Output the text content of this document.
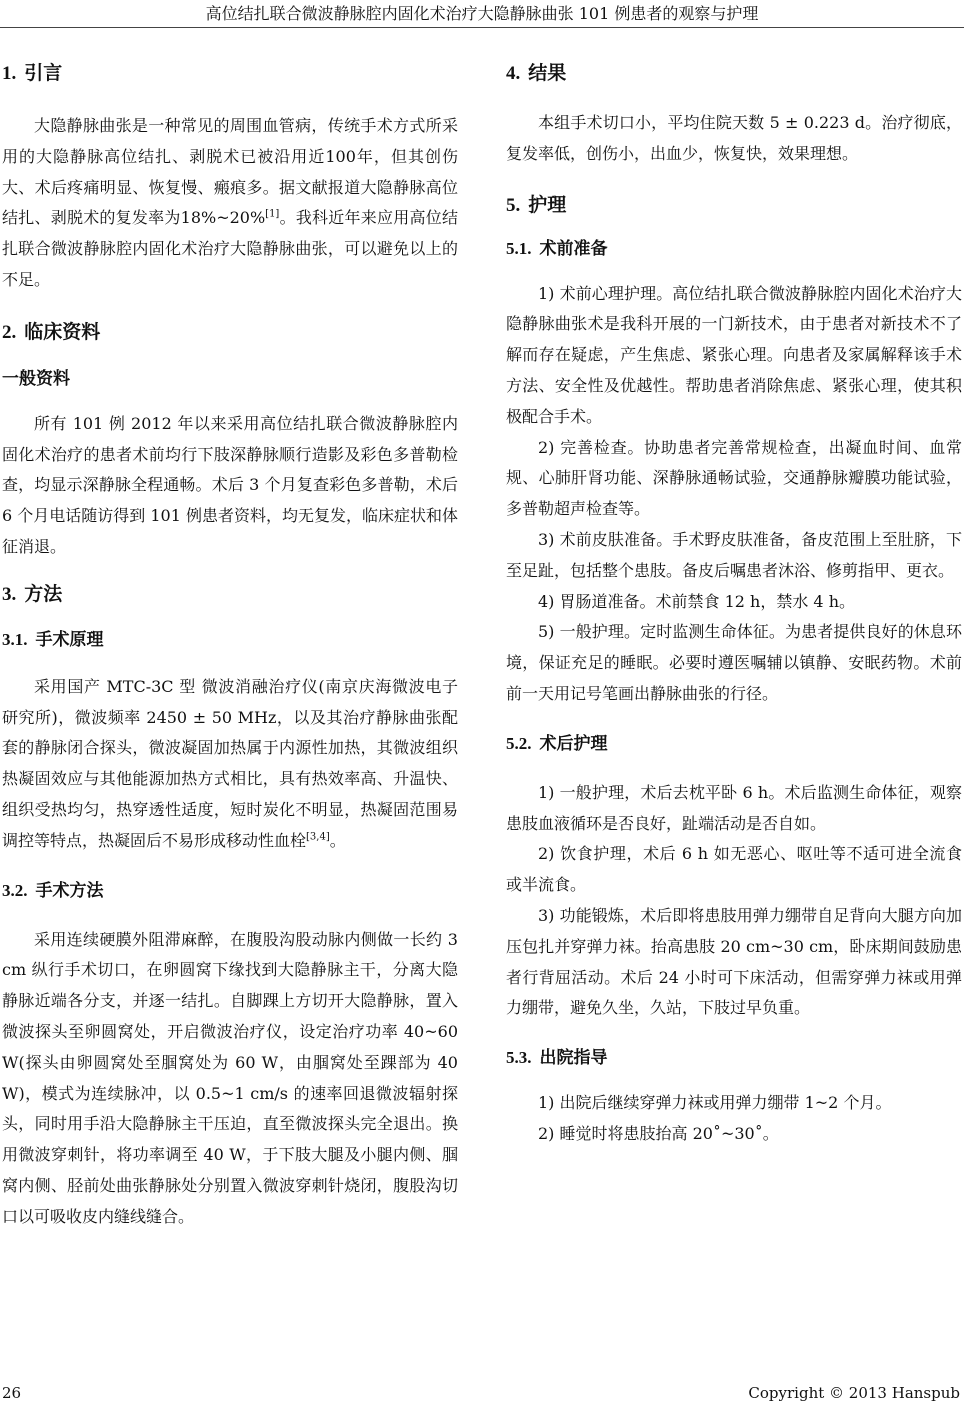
高位结扎联合微波静脉腔内固化术治疗大隐静脉曲张 101 例患者的观察与护理
1. 引言

大隐静脉曲张是一种常见的周围血管病，传统手术方式所采用的大隐静脉高位结扎、剥脱术已被沿用近100年，但其创伤大、术后疼痛明显、恢复慢、瘢痕多。据文献报道大隐静脉高位结扎、剥脱术的复发率为18%~20%[1]。我科近年来应用高位结扎联合微波静脉腔内固化术治疗大隐静脉曲张，可以避免以上的不足。

2. 临床资料
一般资料

所有 101 例 2012 年以来采用高位结扎联合微波静脉腔内固化术治疗的患者术前均行下肢深静脉顺行造影及彩色多普勒检查，均显示深静脉全程通畅。术后 3 个月复查彩色多普勒，术后 6 个月电话随访得到 101 例患者资料，均无复发，临床症状和体征消退。

3. 方法
3.1. 手术原理

采用国产 MTC-3C 型 微波消融治疗仪(南京庆海微波电子研究所)，微波频率 2450 ± 50 MHz，以及其治疗静脉曲张配套的静脉闭合探头，微波凝固加热属于内源性加热，其微波组织热凝固效应与其他能源加热方式相比，具有热效率高、升温快、组织受热均匀，热穿透性适度，短时炭化不明显，热凝固范围易调控等特点，热凝固后不易形成移动性血栓[3,4]。

3.2. 手术方法

采用连续硬膜外阻滞麻醉，在腹股沟股动脉内侧做一长约 3 cm 纵行手术切口，在卵圆窝下缘找到大隐静脉主干，分离大隐静脉近端各分支，并逐一结扎。自脚踝上方切开大隐静脉，置入微波探头至卵圆窝处，开启微波治疗仪，设定治疗功率 40~60 W(探头由卵圆窝处至腘窝处为 60 W，由腘窝处至踝部为 40 W)，模式为连续脉冲，以 0.5~1 cm/s 的速率回退微波辐射探头，同时用手沿大隐静脉主干压迫，直至微波探头完全退出。换用微波穿刺针，将功率调至 40 W，于下肢大腿及小腿内侧、腘窝内侧、胫前处曲张静脉处分别置入微波穿刺针烧闭，腹股沟切口以可吸收皮内缝线缝合。

4. 结果

本组手术切口小，平均住院天数 5 ± 0.223 d。治疗彻底，复发率低，创伤小，出血少，恢复快，效果理想。

5. 护理
5.1. 术前准备

1) 术前心理护理。高位结扎联合微波静脉腔内固化术治疗大隐静脉曲张术是我科开展的一门新技术，由于患者对新技术不了解而存在疑虑，产生焦虑、紧张心理。向患者及家属解释该手术方法、安全性及优越性。帮助患者消除焦虑、紧张心理，使其积极配合手术。

2) 完善检查。协助患者完善常规检查，出凝血时间、血常规、心肺肝肾功能、深静脉通畅试验，交通静脉瓣膜功能试验，多普勒超声检查等。

3) 术前皮肤准备。手术野皮肤准备，备皮范围上至肚脐，下至足趾，包括整个患肢。备皮后嘱患者沐浴、修剪指甲、更衣。

4) 胃肠道准备。术前禁食 12 h，禁水 4 h。

5) 一般护理。定时监测生命体征。为患者提供良好的休息环境，保证充足的睡眠。必要时遵医嘱辅以镇静、安眠药物。术前前一天用记号笔画出静脉曲张的行径。

5.2. 术后护理

1) 一般护理，术后去枕平卧 6 h。术后监测生命体征，观察患肢血液循环是否良好，趾端活动是否自如。

2) 饮食护理，术后 6 h 如无恶心、呕吐等不适可进全流食或半流食。

3) 功能锻炼，术后即将患肢用弹力绷带自足背向大腿方向加压包扎并穿弹力袜。抬高患肢 20 cm~30 cm，卧床期间鼓励患者行背屈活动。术后 24 小时可下床活动，但需穿弹力袜或用弹力绷带，避免久坐，久站，下肢过早负重。

5.3. 出院指导

1) 出院后继续穿弹力袜或用弹力绷带 1~2 个月。

2) 睡觉时将患肢抬高 20˚~30˚。

26	Copyright © 2013 Hanspub
